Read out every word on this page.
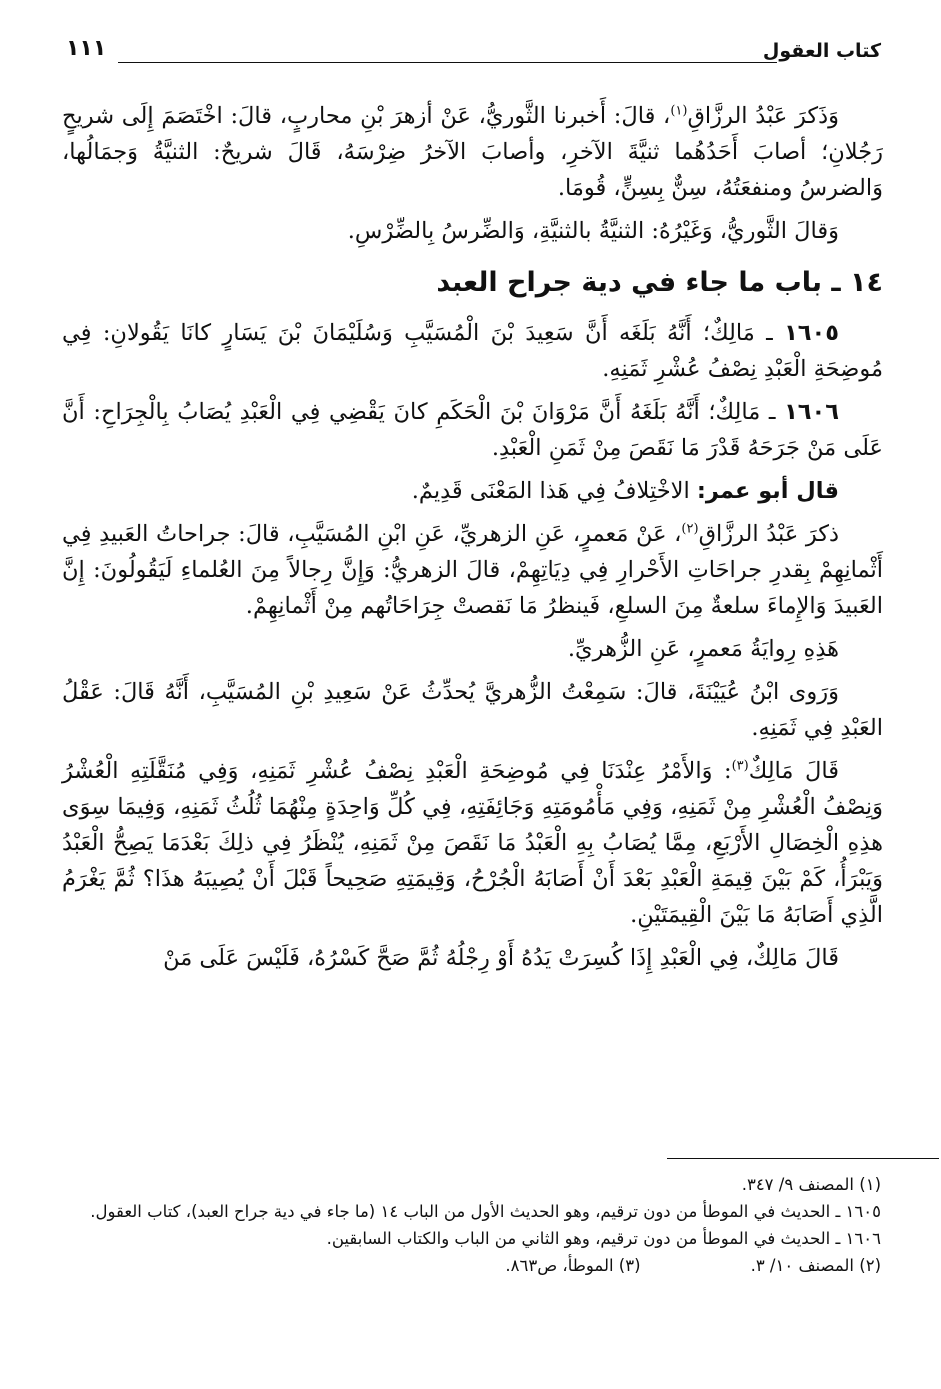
كتاب العقول
١١١

وَذَكرَ عَبْدُ الرزَّاقِ$^{(١)}$، قالَ: أَخبرنا الثَّوريُّ، عَنْ أزهرَ بْنِ محاربٍ، قالَ: اخْتَصَمَ إِلَى شريحٍ رَجُلانِ؛ أصابَ أَحَدُهُما ثنيَّةَ الآخرِ، وأصابَ الآخرُ ضِرْسَهُ، قَالَ شريحٌ: الثنيَّةُ وَجمَالُها، وَالضرسُ ومنفعَتُهُ، سِنٌّ بِسِنٍّ، قُومَا.

وَقالَ الثَّوريُّ، وَغَيْرُهُ: الثنيَّةُ بالثنيَّةِ، وَالضِّرسُ بِالضِّرْسِ.

١٤ ـ باب ما جاء في دية جراح العبد

١٦٠٥ ـ مَالِكٌ؛ أَنَّهُ بَلَغَه أَنَّ سَعِيدَ بْنَ الْمُسَيَّبِ وَسُلَيْمَانَ بْنَ يَسَارٍ كانَا يَقُولانِ: فِي مُوضِحَةِ الْعَبْدِ نِصْفُ عُشْرِ ثَمَنِهِ.

١٦٠٦ ـ مَالِكٌ؛ أَنَّهُ بَلَغَهُ أَنَّ مَرْوَانَ بْنَ الْحَكَمِ كانَ يَقْضِي فِي الْعَبْدِ يُصَابُ بِالْجِرَاحِ: أَنَّ عَلَى مَنْ جَرَحَهُ قَدْرَ مَا نَقَصَ مِنْ ثَمَنِ الْعَبْدِ.

قال أبو عمر: الاخْتِلافُ فِي هَذا المَعْنَى قَدِيمٌ.

ذكرَ عَبْدُ الرزَّاقِ$^{(٢)}$، عَنْ مَعمرٍ، عَنِ الزهريِّ، عَنِ ابْنِ المُسَيَّبِ، قالَ: جراحاتُ العَبيدِ فِي أَثْمانِهِمْ بِقدرِ جراحَاتِ الأَحْرارِ فِي دِيَاتِهِمْ، قالَ الزهريُّ: وَإِنَّ رِجالاً مِنَ العُلماءِ لَيَقُولُونَ: إِنَّ العَبيدَ وَالإِماءَ سلعةٌ مِنَ السلعِ، فَينظرُ مَا نَقصتْ جِرَاحَاتُهم مِنْ أَثْمانِهِمْ.

هَذِهِ رِوايَةُ مَعمرٍ، عَنِ الزُّهريِّ.

وَرَوى ابْنُ عُيَيْنَةَ، قالَ: سَمِعْتُ الزُّهريَّ يُحدِّثُ عَنْ سَعِيدِ بْنِ المُسَيَّبِ، أَنَّهُ قَالَ: عَقْلُ العَبْدِ فِي ثَمَنِهِ.

قَالَ مَالِكٌ$^{(٣)}$: وَالأَمْرُ عِنْدَنَا فِي مُوضِحَةِ الْعَبْدِ نِصْفُ عُشْرِ ثَمَنِهِ، وَفِي مُنَقَّلَتِهِ الْعُشْرُ وَنِصْفُ الْعُشْرِ مِنْ ثَمَنِهِ، وَفِي مَأْمُومَتِهِ وَجَائِفَتِهِ، فِي كُلِّ وَاحِدَةٍ مِنْهُمَا ثُلُثُ ثَمَنِهِ، وَفِيمَا سِوَى هذِهِ الْخِصَالِ الأَرْبَعِ، مِمَّا يُصَابُ بِهِ الْعَبْدُ مَا نَقَصَ مِنْ ثَمَنِهِ، يُنْظَرُ فِي ذلِكَ بَعْدَمَا يَصِحُّ الْعَبْدُ وَيَبْرَأُ، كَمْ بَيْنَ قِيمَةِ الْعَبْدِ بَعْدَ أَنْ أَصَابَهُ الْجُرْحُ، وَقِيمَتِهِ صَحِيحاً قَبْلَ أَنْ يُصِيبَهُ هذَا؟ ثُمَّ يَغْرَمُ الَّذِي أَصَابَهُ مَا بَيْنَ الْقِيمَتَيْنِ.

قَالَ مَالِكٌ، فِي الْعَبْدِ إِذَا كُسِرَتْ يَدُهُ أَوْ رِجْلُهُ ثُمَّ صَحَّ كَسْرُهُ، فَلَيْسَ عَلَى مَنْ

(١) المصنف ٩/ ٣٤٧.

١٦٠٥ ـ الحديث في الموطأ من دون ترقيم، وهو الحديث الأول من الباب ١٤ (ما جاء في دية جراح العبد)، كتاب العقول.

١٦٠٦ ـ الحديث في الموطأ من دون ترقيم، وهو الثاني من الباب والكتاب السابقين.

(٢) المصنف ١٠/ ٣.
(٣) الموطأ، ص٨٦٣.
